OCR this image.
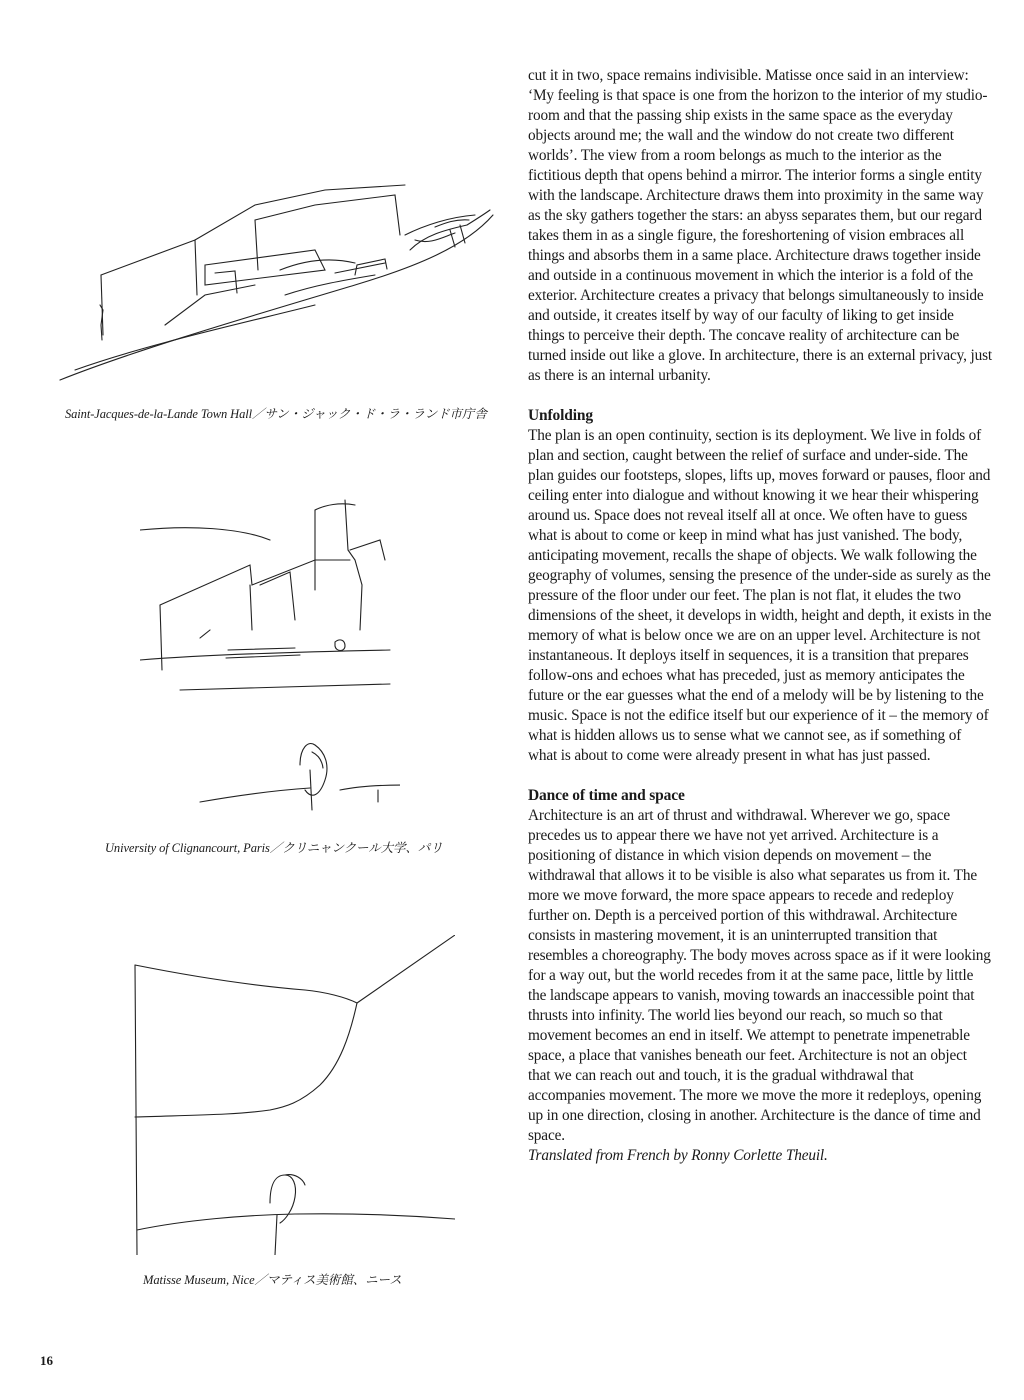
Saint-Jacques-de-la-Lande Town Hall／サン・ジャック・ド・ラ・ランド市庁舎
University of Clignancourt, Paris／クリニャンクール大学、パリ
Matisse Museum, Nice／マティス美術館、ニース
16

cut it in two, space remains indivisible. Matisse once said in an interview: ‘My feeling is that space is one from the horizon to the interior of my studio-room and that the passing ship exists in the same space as the everyday objects around me; the wall and the window do not create two different worlds’. The view from a room belongs as much to the interior as the fictitious depth that opens behind a mirror. The interior forms a single entity with the landscape. Architecture draws them into proximity in the same way as the sky gathers together the stars: an abyss separates them, but our regard takes them in as a single figure, the foreshortening of vision embraces all things and absorbs them in a same place. Architecture draws together inside and outside in a continuous movement in which the interior is a fold of the exterior. Architecture creates a privacy that belongs simultaneously to inside and outside, it creates itself by way of our faculty of liking to get inside things to perceive their depth. The concave reality of architecture can be turned inside out like a glove. In architecture, there is an external privacy, just as there is an internal urbanity.

Unfolding

The plan is an open continuity, section is its deployment. We live in folds of plan and section, caught between the relief of surface and under-side. The plan guides our footsteps, slopes, lifts up, moves forward or pauses, floor and ceiling enter into dialogue and without knowing it we hear their whispering around us. Space does not reveal itself all at once. We often have to guess what is about to come or keep in mind what has just vanished. The body, anticipating movement, recalls the shape of objects. We walk following the geography of volumes, sensing the presence of the under-side as surely as the pressure of the floor under our feet. The plan is not flat, it eludes the two dimensions of the sheet, it develops in width, height and depth, it exists in the memory of what is below once we are on an upper level. Architecture is not instantaneous. It deploys itself in sequences, it is a transition that prepares follow-ons and echoes what has preceded, just as memory anticipates the future or the ear guesses what the end of a melody will be by listening to the music. Space is not the edifice itself but our experience of it – the memory of what is hidden allows us to sense what we cannot see, as if something of what is about to come were already present in what has just passed.

Dance of time and space

Architecture is an art of thrust and withdrawal. Wherever we go, space precedes us to appear there we have not yet arrived. Architecture is a positioning of distance in which vision depends on movement – the withdrawal that allows it to be visible is also what separates us from it. The more we move forward, the more space appears to recede and redeploy further on. Depth is a perceived portion of this withdrawal. Architecture consists in mastering movement, it is an uninterrupted transition that resembles a choreography. The body moves across space as if it were looking for a way out, but the world recedes from it at the same pace, little by little the landscape appears to vanish, moving towards an inaccessible point that thrusts into infinity. The world lies beyond our reach, so much so that movement becomes an end in itself. We attempt to penetrate impenetrable space, a place that vanishes beneath our feet. Architecture is not an object that we can reach out and touch, it is the gradual withdrawal that accompanies movement. The more we move the more it redeploys, opening up in one direction, closing in another. Architecture is the dance of time and space.

Translated from French by Ronny Corlette Theuil.
